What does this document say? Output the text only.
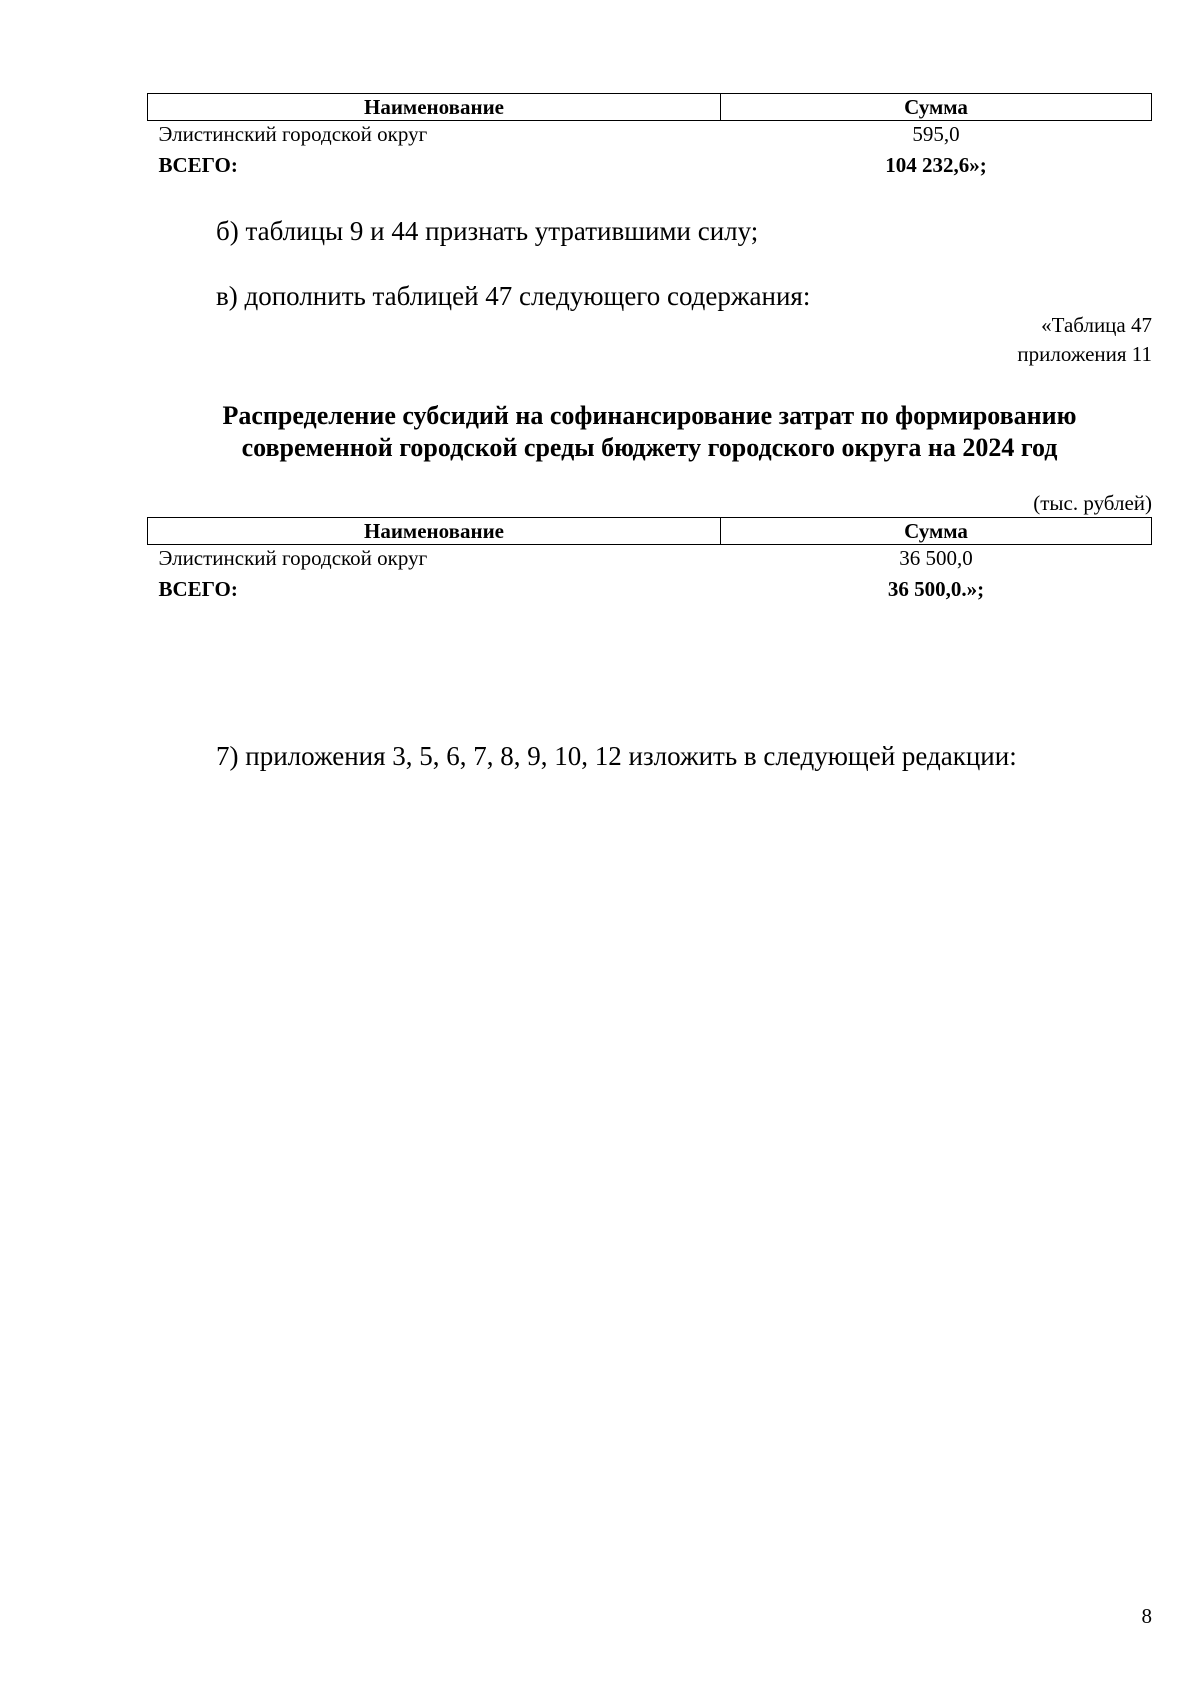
Наименование	Сумма
Элистинский городской округ	595,0
ВСЕГО:	104 232,6»;
б) таблицы 9 и 44 признать утратившими силу;
в) дополнить таблицей 47 следующего содержания:
«Таблица 47
приложения 11
Распределение субсидий на софинансирование затрат по формированию
современной городской среды бюджету городского округа на 2024 год
(тыс. рублей)
Наименование	Сумма
Элистинский городской округ	36 500,0
ВСЕГО:	36 500,0.»;
7) приложения 3, 5, 6, 7, 8, 9, 10, 12 изложить в следующей редакции:
8
